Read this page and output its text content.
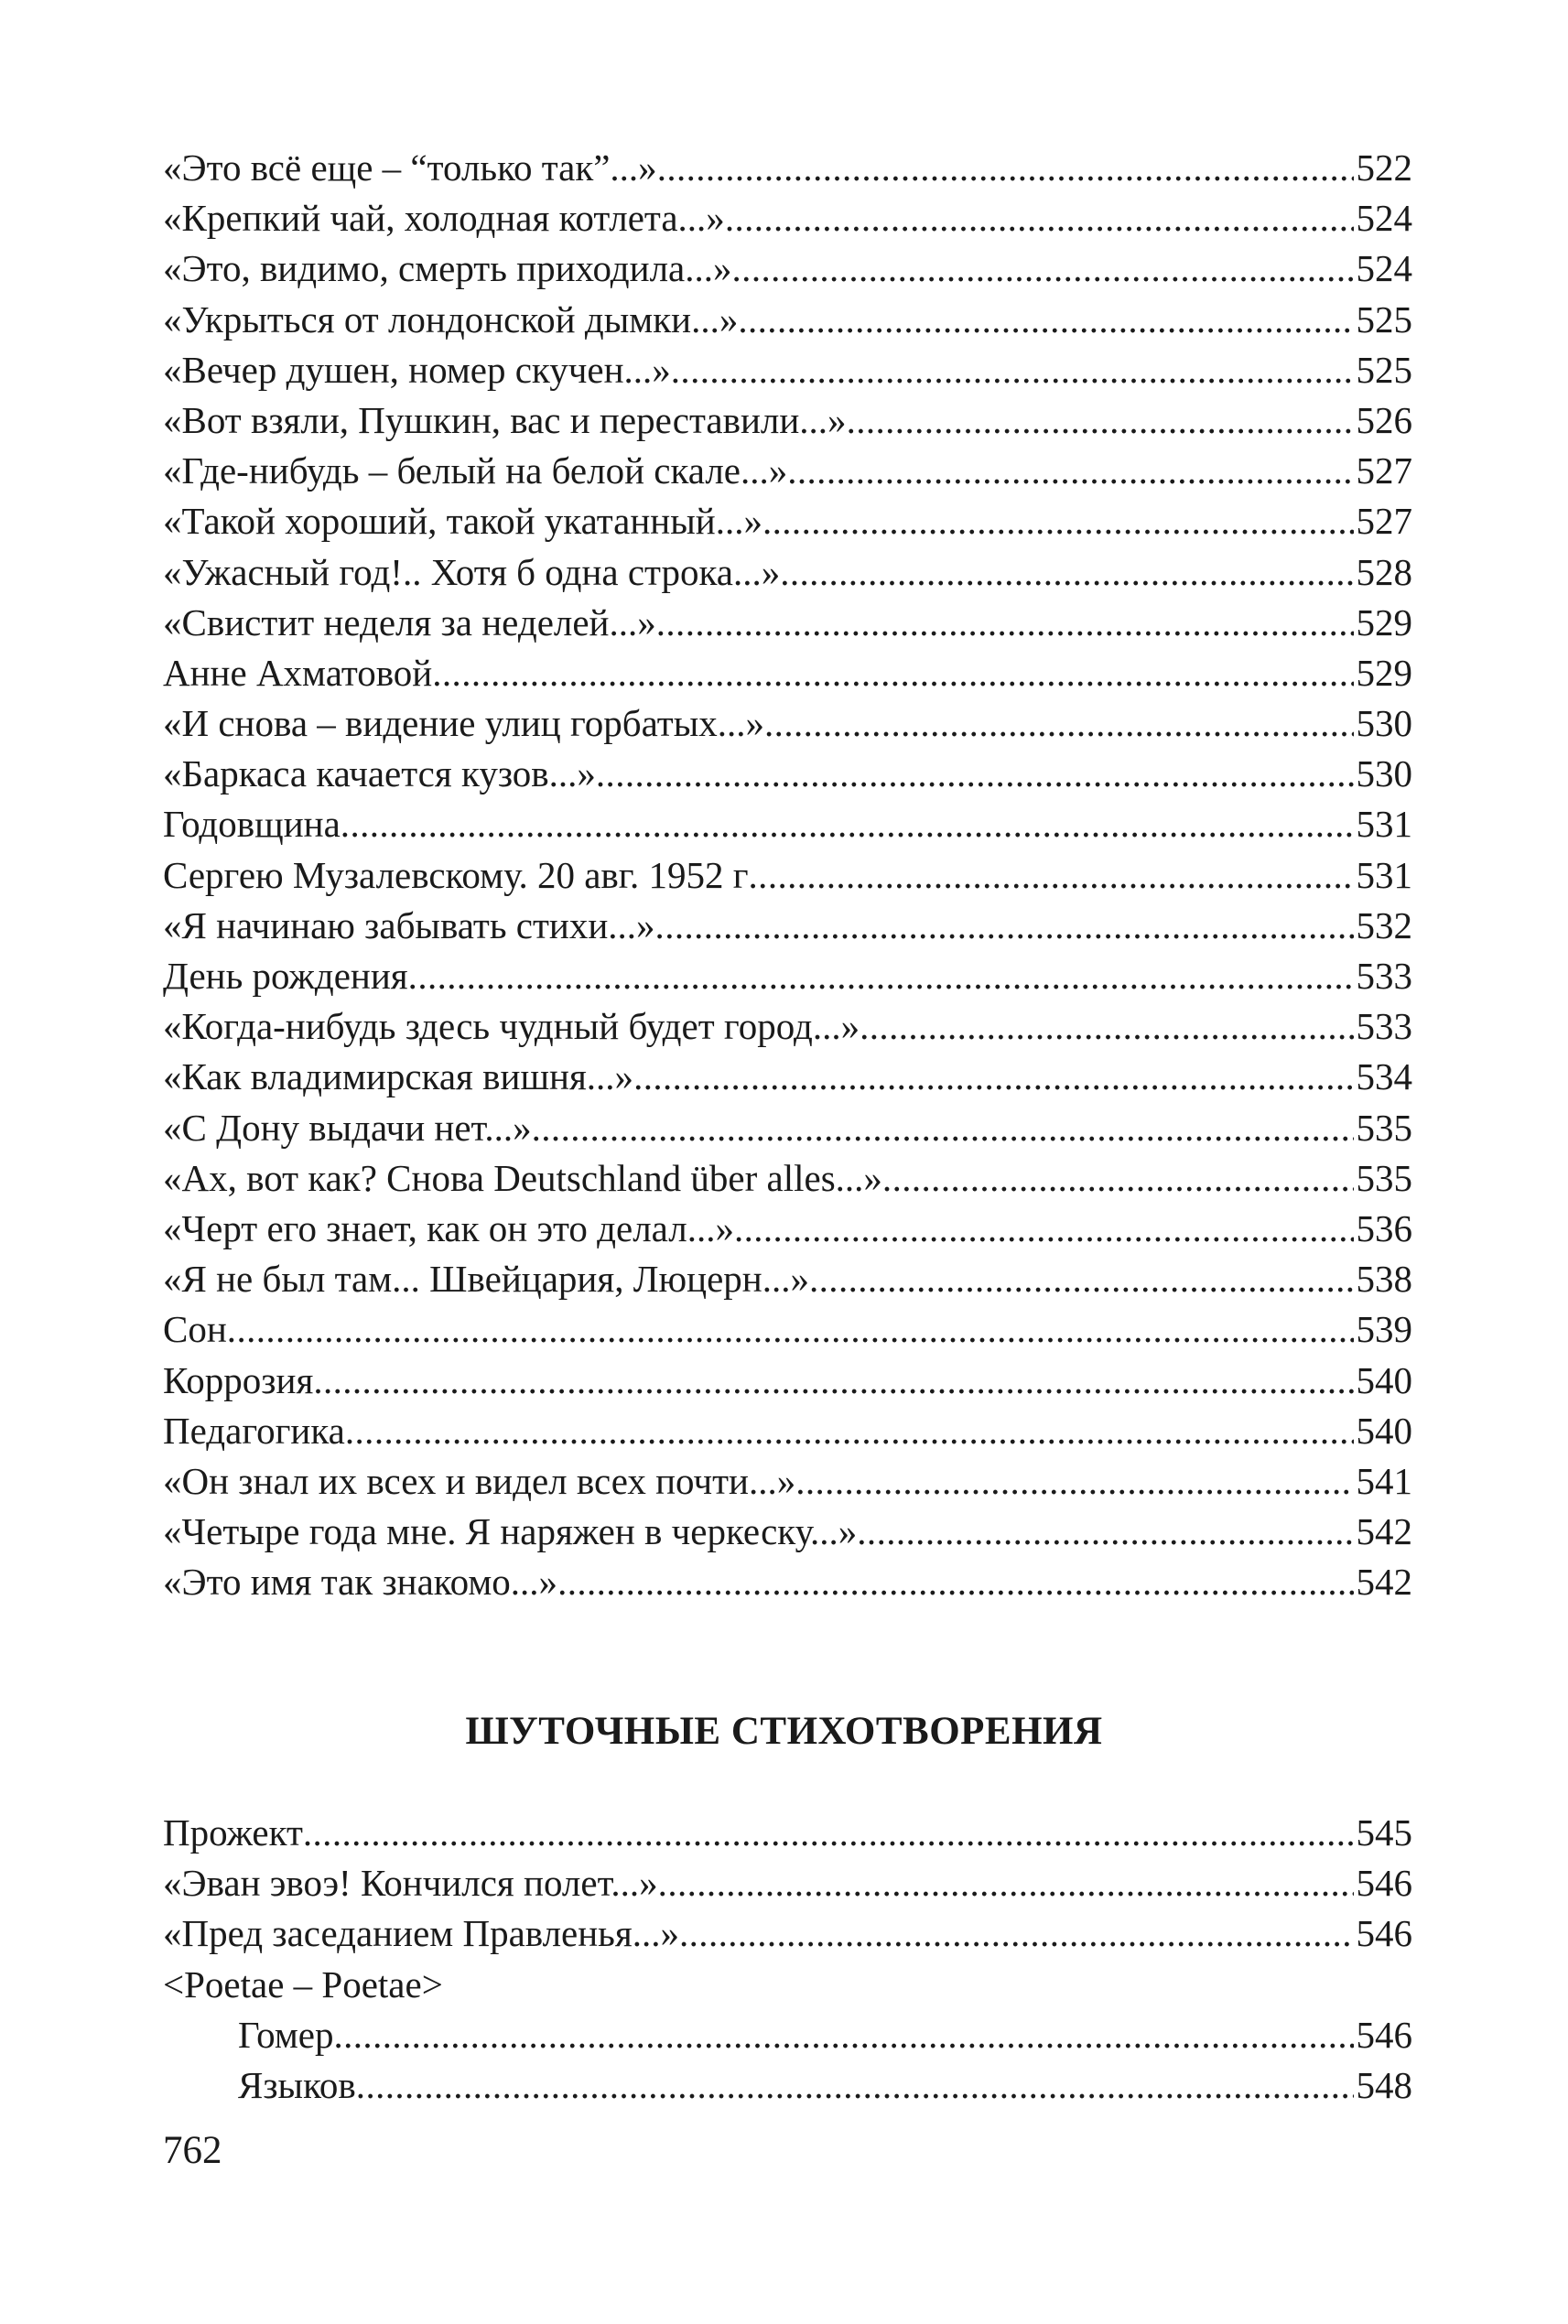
«Это всё еще – “только так”...» .....	522
«Крепкий чай, холодная котлета...» .....	524
«Это, видимо, смерть приходила...» .....	524
«Укрыться от лондонской дымки...» .....	525
«Вечер душен, номер скучен...» .....	525
«Вот взяли, Пушкин, вас и переставили...» .....	526
«Где-нибудь – белый на белой скале...» .....	527
«Такой хороший, такой укатанный...» .....	527
«Ужасный год!.. Хотя б одна строка...» .....	528
«Свистит неделя за неделей...» .....	529
Анне Ахматовой .....	529
«И снова – видение улиц горбатых...» .....	530
«Баркаса качается кузов...» .....	530
Годовщина .....	531
Сергею Музалевскому. 20 авг. 1952 г .....	531
«Я начинаю забывать стихи...» .....	532
День рождения .....	533
«Когда-нибудь здесь чудный будет город...» .....	533
«Как владимирская вишня...» .....	534
«С Дону выдачи нет...» .....	535
«Ах, вот как? Снова Deutschland über alles...» .....	535
«Черт его знает, как он это делал...» .....	536
«Я не был там... Швейцария, Люцерн...» .....	538
Сон .....	539
Коррозия .....	540
Педагогика .....	540
«Он знал их всех и видел всех почти...» .....	541
«Четыре года мне. Я наряжен в черкеску...» .....	542
«Это имя так знакомо...» .....	542
ШУТОЧНЫЕ СТИХОТВОРЕНИЯ
Прожект .....	545
«Эван эвоэ! Кончился полет...» .....	546
«Пред заседанием Правленья...» .....	546
<Poetae – Poetae>
Гомер .....	546
Языков .....	548

762
